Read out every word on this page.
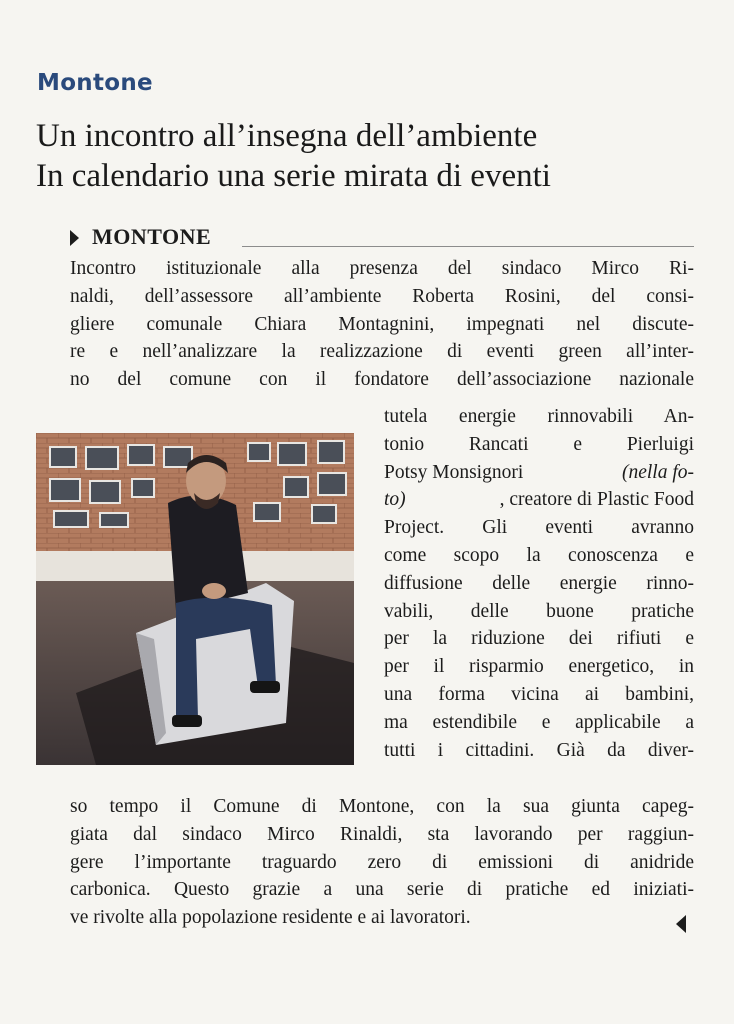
Montone
Un incontro all’insegna dell’ambiente
In calendario una serie mirata di eventi
MONTONE
Incontro istituzionale alla presenza del sindaco Mirco Ri-
naldi, dell’assessore all’ambiente Roberta Rosini, del consi-
gliere comunale Chiara Montagnini, impegnati nel discute-
re e nell’analizzare la realizzazione di eventi green all’inter-
no del comune con il fondatore dell’associazione nazionale
tutela energie rinnovabili An-
tonio Rancati e Pierluigi
Potsy Monsignori	(nella fo-
to)	, creatore di Plastic Food
Project. Gli eventi avranno
come scopo la conoscenza e
diffusione delle energie rinno-
vabili, delle buone pratiche
per la riduzione dei rifiuti e
per il risparmio energetico, in
una forma vicina ai bambini,
ma estendibile e applicabile a
tutti i cittadini. Già da diver-
so tempo il Comune di Montone, con la sua giunta capeg-
giata dal sindaco Mirco Rinaldi, sta lavorando per raggiun-
gere l’importante traguardo zero di emissioni di anidride
carbonica. Questo grazie a una serie di pratiche ed iniziati-
ve rivolte alla popolazione residente e ai lavoratori.
